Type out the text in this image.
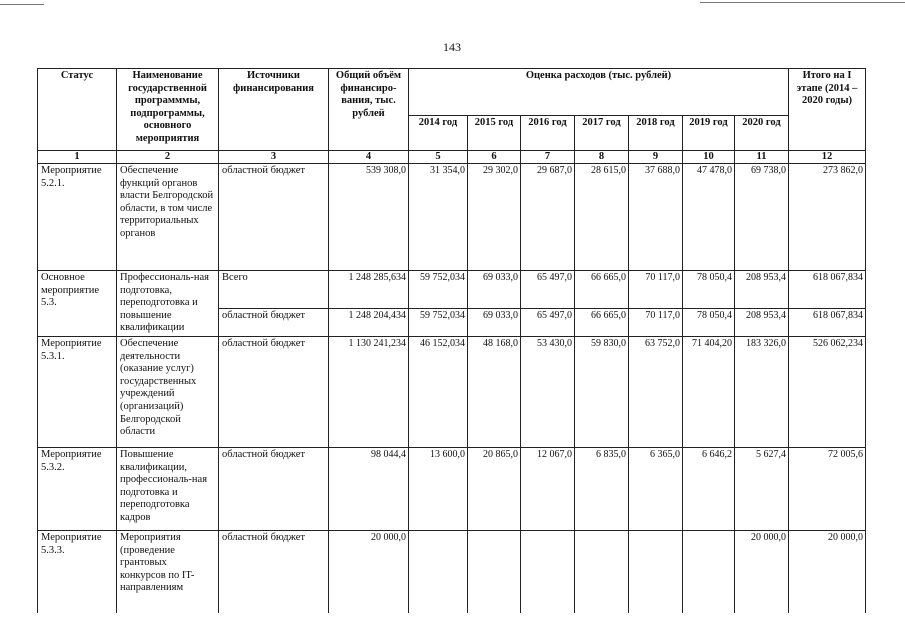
143
Статус	Наименование государственной программмы, подпрограммы, основного мероприятия	Источники финансирования	Общий объём финансиро-вания, тыс. рублей	Оценка расходов (тыс. рублей)							Итого на I этапе (2014 – 2020 годы)
				2014 год	2015 год	2016 год	2017 год	2018 год	2019 год	2020 год	
1	2	3	4	5	6	7	8	9	10	11	12
Мероприятие 5.2.1.	Обеспечение функций органов власти Белгородской области, в том числе территориальных органов	областной бюджет	539 308,0	31 354,0	29 302,0	29 687,0	28 615,0	37 688,0	47 478,0	69 738,0	273 862,0
Основное мероприятие 5.3.	Профессиональ-ная подготовка, переподготовка и повышение квалификации	Всего	1 248 285,634	59 752,034	69 033,0	65 497,0	66 665,0	70 117,0	78 050,4	208 953,4	618 067,834
		областной бюджет	1 248 204,434	59 752,034	69 033,0	65 497,0	66 665,0	70 117,0	78 050,4	208 953,4	618 067,834
Мероприятие 5.3.1.	Обеспечение деятельности (оказание услуг) государственных учреждений (организаций) Белгородской области	областной бюджет	1 130 241,234	46 152,034	48 168,0	53 430,0	59 830,0	63 752,0	71 404,20	183 326,0	526 062,234
Мероприятие 5.3.2.	Повышение квалификации, профессиональ-ная подготовка и переподготовка кадров	областной бюджет	98 044,4	13 600,0	20 865,0	12 067,0	6 835,0	6 365,0	6 646,2	5 627,4	72 005,6
Мероприятие 5.3.3.	Мероприятия (проведение грантовых конкурсов по IT-направлениям	областной бюджет	20 000,0							20 000,0	20 000,0
